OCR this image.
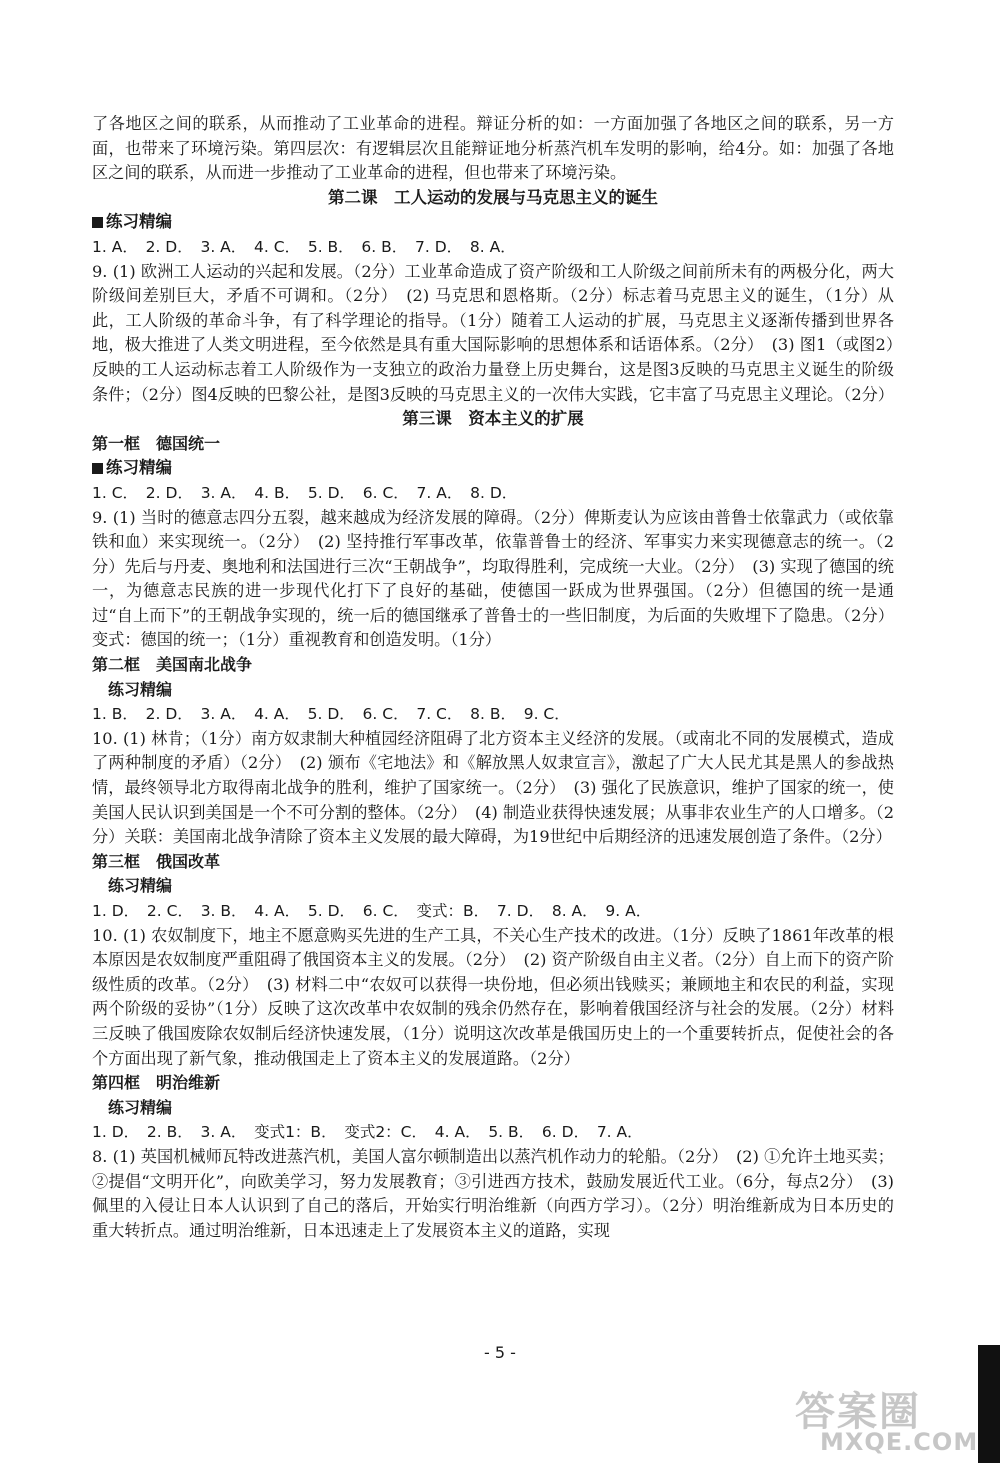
了各地区之间的联系，从而推动了工业革命的进程。辩证分析的如：一方面加强了各地区之间的联系，另一方面，也带来了环境污染。第四层次：有逻辑层次且能辩证地分析蒸汽机车发明的影响，给4分。如：加强了各地区之间的联系，从而进一步推动了工业革命的进程，但也带来了环境污染。

第二课　工人运动的发展与马克思主义的诞生

练习精编

1. A．　2. D．　3. A．　4. C．　5. B．　6. B．　7. D．　8. A．

9. (1) 欧洲工人运动的兴起和发展。（2分）工业革命造成了资产阶级和工人阶级之间前所未有的两极分化，两大阶级间差别巨大，矛盾不可调和。（2分）　(2) 马克思和恩格斯。（2分）标志着马克思主义的诞生，（1分）从此，工人阶级的革命斗争，有了科学理论的指导。（1分）随着工人运动的扩展，马克思主义逐渐传播到世界各地，极大推进了人类文明进程，至今依然是具有重大国际影响的思想体系和话语体系。（2分）　(3) 图1（或图2）反映的工人运动标志着工人阶级作为一支独立的政治力量登上历史舞台，这是图3反映的马克思主义诞生的阶级条件；（2分）图4反映的巴黎公社，是图3反映的马克思主义的一次伟大实践，它丰富了马克思主义理论。（2分）

第三课　资本主义的扩展

第一框　德国统一

练习精编

1. C．　2. D．　3. A．　4. B．　5. D．　6. C．　7. A．　8. D．

9. (1) 当时的德意志四分五裂，越来越成为经济发展的障碍。（2分）俾斯麦认为应该由普鲁士依靠武力（或依靠铁和血）来实现统一。（2分）　(2) 坚持推行军事改革，依靠普鲁士的经济、军事实力来实现德意志的统一。（2分）先后与丹麦、奥地利和法国进行三次“王朝战争”，均取得胜利，完成统一大业。（2分）　(3) 实现了德国的统一，为德意志民族的进一步现代化打下了良好的基础，使德国一跃成为世界强国。（2分）但德国的统一是通过“自上而下”的王朝战争实现的，统一后的德国继承了普鲁士的一些旧制度，为后面的失败埋下了隐患。（2分）变式：德国的统一；（1分）重视教育和创造发明。（1分）

第二框　美国南北战争

练习精编

1. B．　2. D．　3. A．　4. A．　5. D．　6. C．　7. C．　8. B．　9. C．

10. (1) 林肯；（1分）南方奴隶制大种植园经济阻碍了北方资本主义经济的发展。（或南北不同的发展模式，造成了两种制度的矛盾）（2分）　(2) 颁布《宅地法》和《解放黑人奴隶宣言》，激起了广大人民尤其是黑人的参战热情，最终领导北方取得南北战争的胜利，维护了国家统一。（2分）　(3) 强化了民族意识，维护了国家的统一，使美国人民认识到美国是一个不可分割的整体。（2分）　(4) 制造业获得快速发展；从事非农业生产的人口增多。（2分）关联：美国南北战争清除了资本主义发展的最大障碍，为19世纪中后期经济的迅速发展创造了条件。（2分）

第三框　俄国改革

练习精编

1. D．　2. C．　3. B．　4. A．　5. D．　6. C．　变式：B．　7. D．　8. A．　9. A．

10. (1) 农奴制度下，地主不愿意购买先进的生产工具，不关心生产技术的改进。（1分）反映了1861年改革的根本原因是农奴制度严重阻碍了俄国资本主义的发展。（2分）　(2) 资产阶级自由主义者。（2分）自上而下的资产阶级性质的改革。（2分）　(3) 材料二中“农奴可以获得一块份地，但必须出钱赎买；兼顾地主和农民的利益，实现两个阶级的妥协”（1分）反映了这次改革中农奴制的残余仍然存在，影响着俄国经济与社会的发展。（2分）材料三反映了俄国废除农奴制后经济快速发展，（1分）说明这次改革是俄国历史上的一个重要转折点，促使社会的各个方面出现了新气象，推动俄国走上了资本主义的发展道路。（2分）

第四框　明治维新

练习精编

1. D．　2. B．　3. A．　变式1：B．　变式2：C．　4. A．　5. B．　6. D．　7. A．

8. (1) 英国机械师瓦特改进蒸汽机，美国人富尔顿制造出以蒸汽机作动力的轮船。（2分）　(2) ①允许土地买卖；②提倡“文明开化”，向欧美学习，努力发展教育；③引进西方技术，鼓励发展近代工业。（6分，每点2分）　(3) 佩里的入侵让日本人认识到了自己的落后，开始实行明治维新（向西方学习）。（2分）明治维新成为日本历史的重大转折点。通过明治维新，日本迅速走上了发展资本主义的道路，实现

- 5 -
答案圈
MXQE.COM
